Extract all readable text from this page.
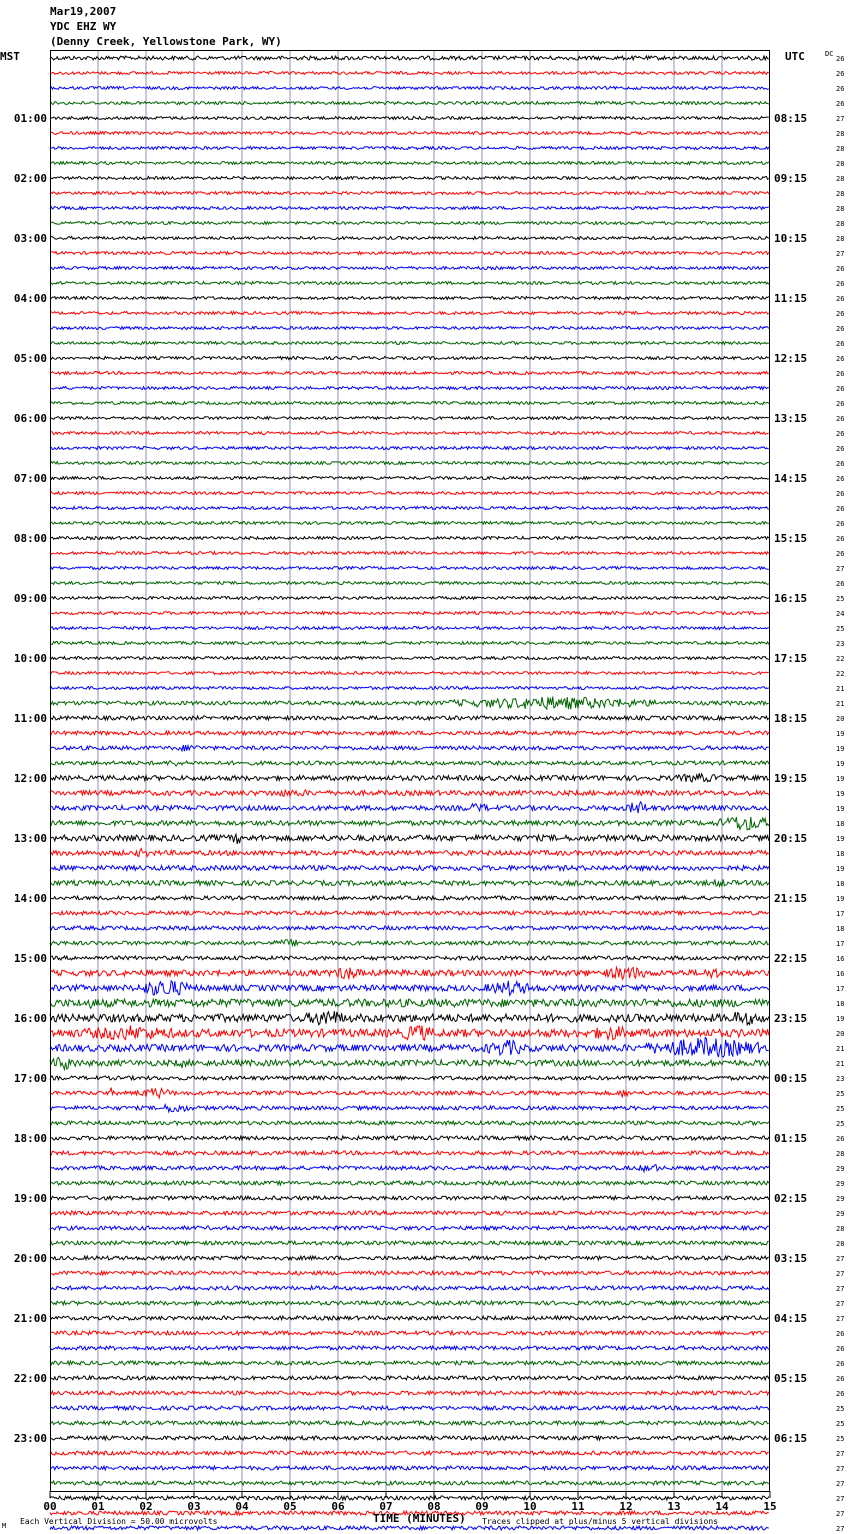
Mar19,2007
YDC EHZ WY
(Denny Creek, Yellowstone Park, WY)
00	01	02	03	04	05	06	07	08	09	10	11	12	13	14	15
26
26
26
26
27
28
28
28
28
28
28
28
28
27
26
26
26
26
26
26
26
26
26
26
26
26
26
26
26
26
26
26
26
26
27
26
25
24
25
23
22
22
21
21
20
19
19
19
19
19
19
18
19
18
19
18
19
17
18
17
16
16
17
18
19
20
21
21
23
25
25
25
26
28
29
29
29
29
28
28
27
27
27
27
27
26
26
26
26
26
25
25
25
27
27
27
27
27
27
01:00
02:00
03:00
04:00
05:00
06:00
07:00
08:00
09:00
10:00
11:00
12:00
13:00
14:00
15:00
16:00
17:00
18:00
19:00
20:00
21:00
22:00
23:00
08:15
09:15
10:15
11:15
12:15
13:15
14:15
15:15
16:15
17:15
18:15
19:15
20:15
21:15
22:15
23:15
00:15
01:15
02:15
03:15
04:15
05:15
06:15
MST	UTC	DC
Each Vertical Division = 50.00 microvolts	TIME (MINUTES) Traces clipped at plus/minus 5 vertical divisions
M
